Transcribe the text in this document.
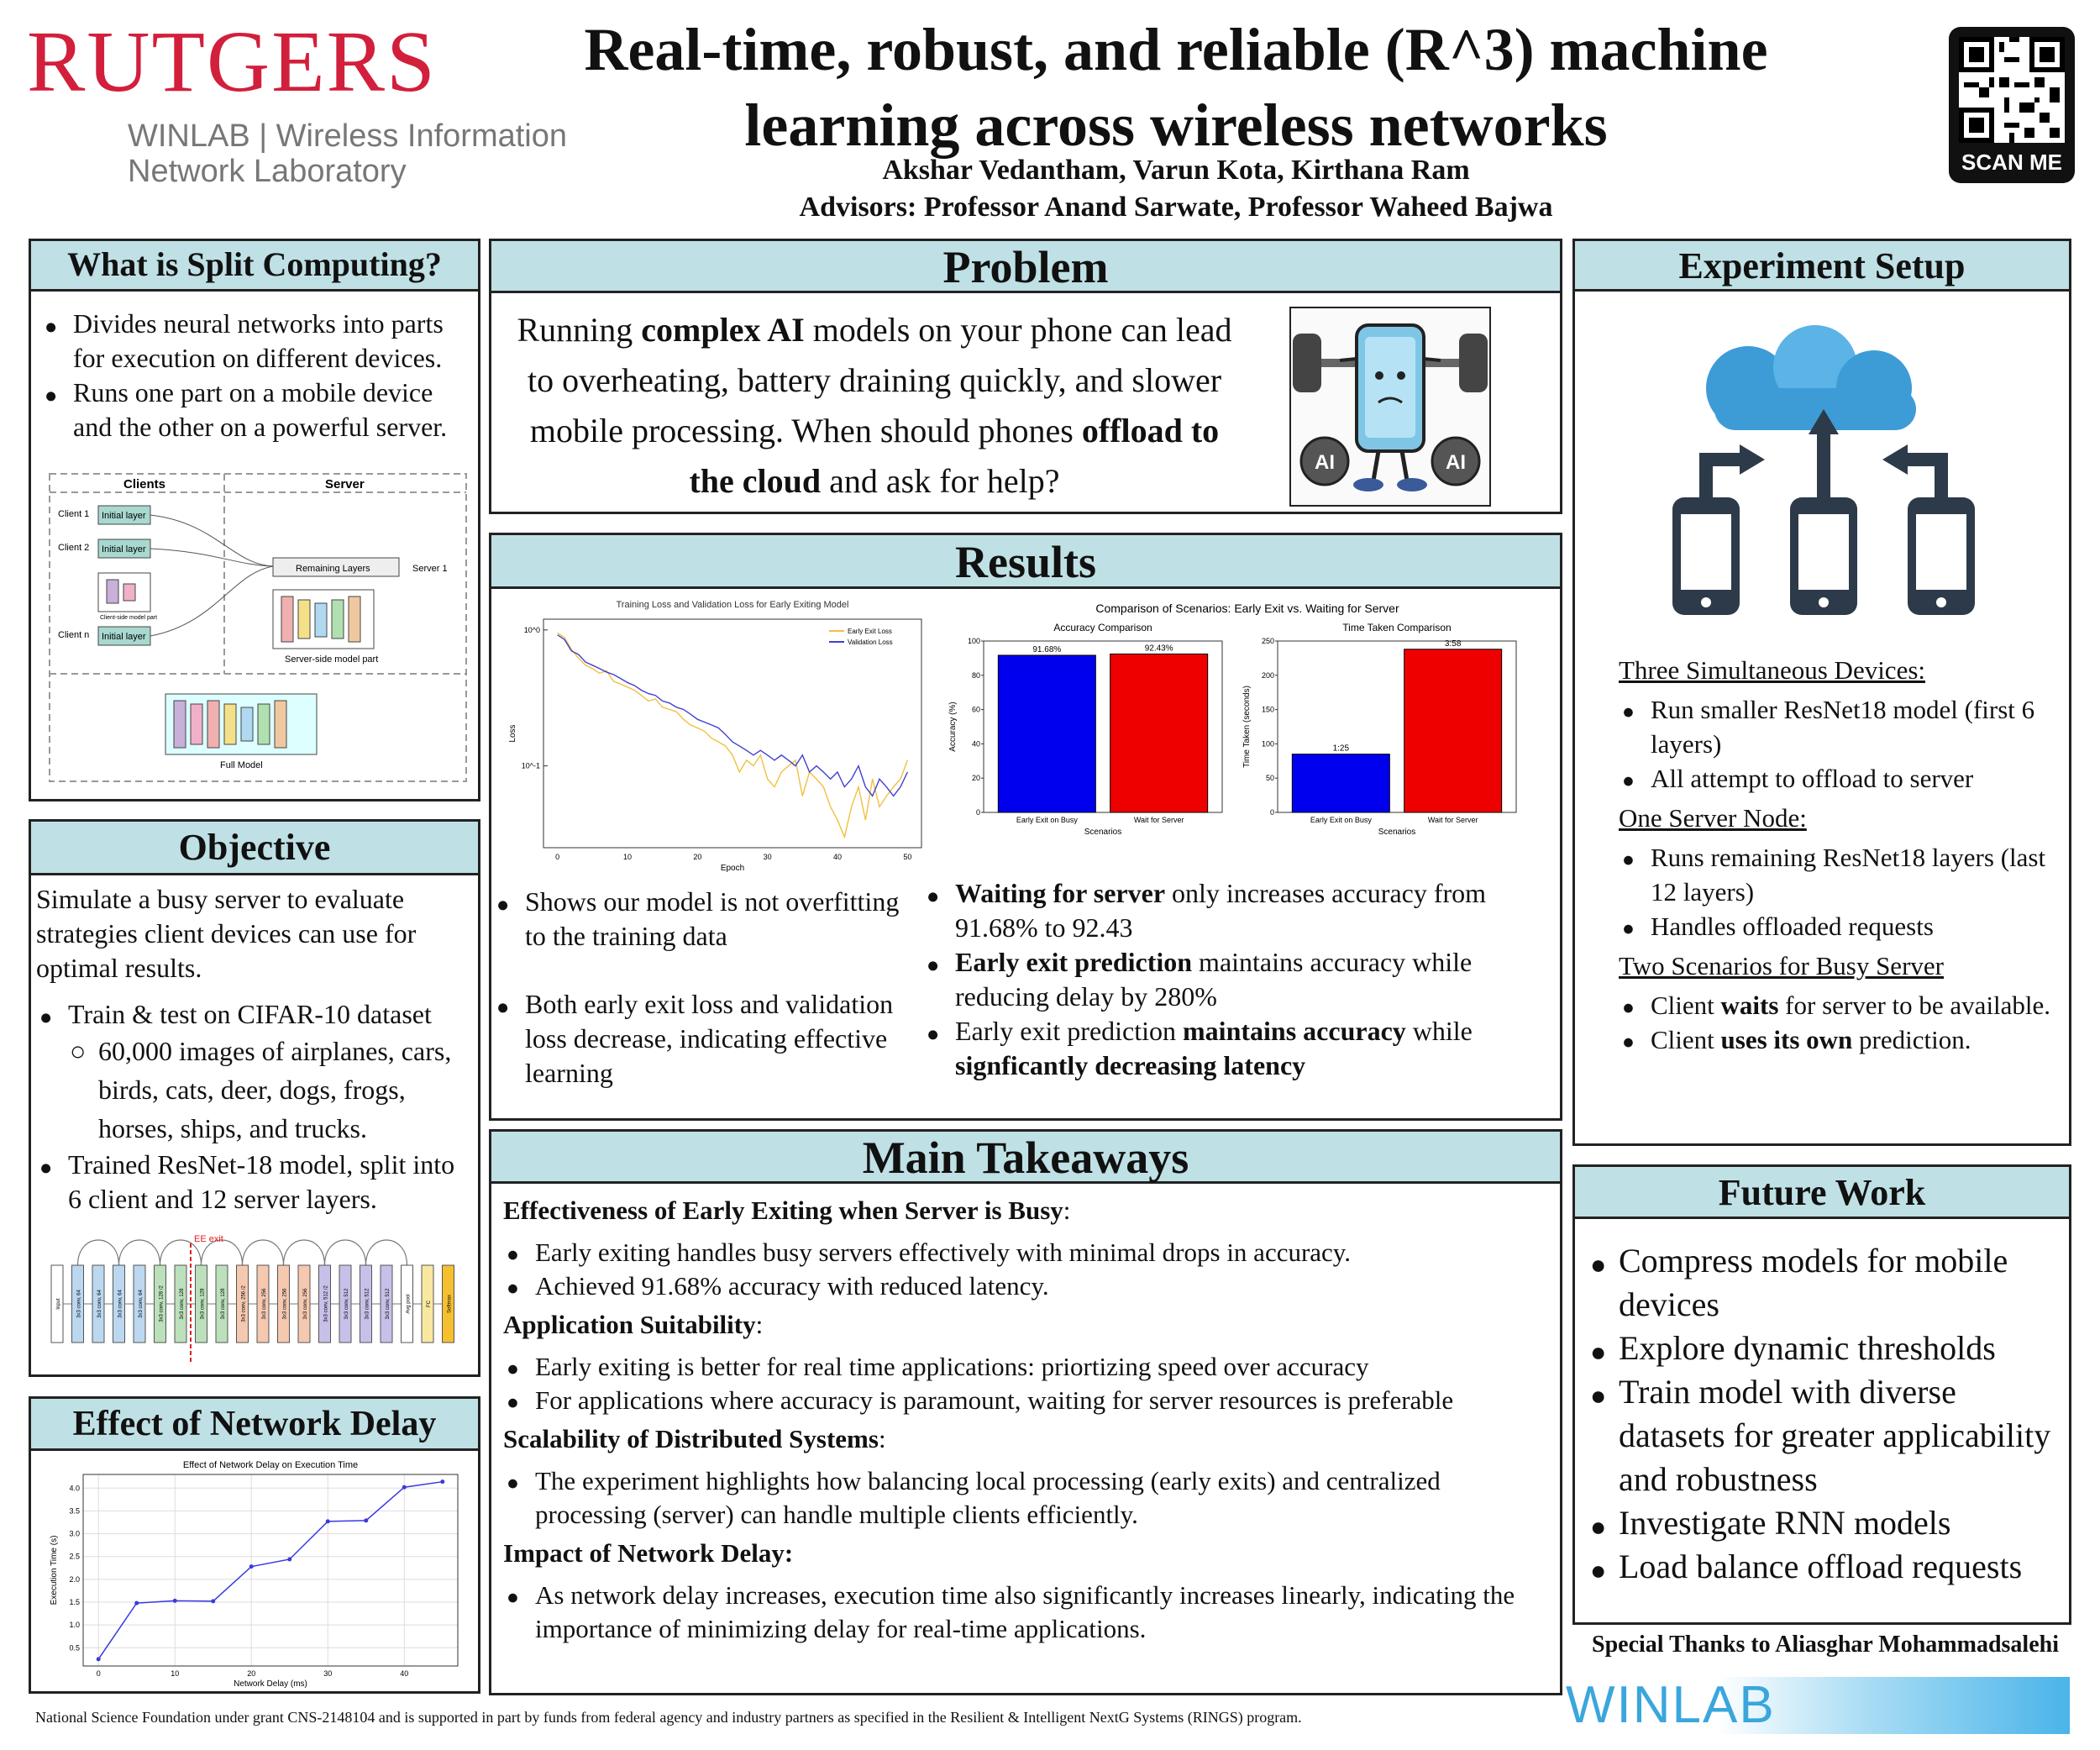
RUTGERS
WINLAB | Wireless Information
Network Laboratory
Real-time, robust, and reliable (R^3) machine
learning across wireless networks
Akshar Vedantham, Varun Kota, Kirthana Ram
Advisors: Professor Anand Sarwate, Professor Waheed Bajwa
SCAN ME
What is Split Computing?
● Divides neural networks into parts for execution on different devices.
● Runs one part on a mobile device and the other on a powerful server.
Clients	Server
Client 1 Initial layer
Client 2 Initial layer
Client-side model part
Client n Initial layer
Remaining Layers	Server 1
Server-side model part
Full Model
Objective
Simulate a busy server to evaluate strategies client devices can use for optimal results.
● Train & test on CIFAR-10 dataset
○ 60,000 images of airplanes, cars, birds, cats, deer, dogs, frogs, horses, ships, and trucks.
● Trained ResNet-18 model, split into 6 client and 12 server layers.
Input	3x3 conv, 64	3x3 conv, 64	3x3 conv, 64	3x3 conv, 64	3x3 conv, 128 /2	3x3 conv, 128	3x3 conv, 128	3x3 conv, 128	3x3 conv, 256 /2	3x3 conv, 256	3x3 conv, 256	3x3 conv, 256	3x3 conv, 512 /2	3x3 conv, 512	3x3 conv, 512	3x3 conv, 512	Avg pool	FC	Softmax
EE exit
Effect of Network Delay
Effect of Network Delay on Execution Time
0.5
1.0
1.5
2.0
2.5
3.0
3.5
4.0
0	10	20	30	40
Network Delay (ms)
Execution Time (s)
Problem
Running complex AI models on your phone can lead to overheating, battery draining quickly, and slower mobile processing. When should phones offload to the cloud and ask for help?	AI	AI
Results
Training Loss and Validation Loss for Early Exiting Model
10^0
10^-1
0	10	20	30	40	50
Epoch
Loss
Early Exit Loss
Validation Loss
Comparison of Scenarios: Early Exit vs. Waiting for Server
Accuracy Comparison
0
20
40
60
80
100
91.68%
Early Exit on Busy
92.43%
Wait for Server
Scenarios
Accuracy (%)
Time Taken Comparison
0
50
100
150
200
250
1:25
Early Exit on Busy
3:58
Wait for Server
Scenarios
Time Taken (seconds)
● Shows our model is not overfitting to the training data
● Both early exit loss and validation loss decrease, indicating effective learning
● Waiting for server only increases accuracy from 91.68% to 92.43
● Early exit prediction maintains accuracy while reducing delay by 280%
● Early exit prediction maintains accuracy while signficantly decreasing latency
Main Takeaways
Effectiveness of Early Exiting when Server is Busy:
● Early exiting handles busy servers effectively with minimal drops in accuracy.
● Achieved 91.68% accuracy with reduced latency.
Application Suitability:
● Early exiting is better for real time applications: priortizing speed over accuracy
● For applications where accuracy is paramount, waiting for server resources is preferable
Scalability of Distributed Systems:
● The experiment highlights how balancing local processing (early exits) and centralized processing (server) can handle multiple clients efficiently.
Impact of Network Delay:
● As network delay increases, execution time also significantly increases linearly, indicating the importance of minimizing delay for real-time applications.
Experiment Setup
Three Simultaneous Devices:
● Run smaller ResNet18 model (first 6 layers)
● All attempt to offload to server
One Server Node:
● Runs remaining ResNet18 layers (last 12 layers)
● Handles offloaded requests
Two Scenarios for Busy Server
● Client waits for server to be available.
● Client uses its own prediction.
Future Work
● Compress models for mobile devices
● Explore dynamic thresholds
● Train model with diverse datasets for greater applicability and robustness
● Investigate RNN models
● Load balance offload requests
Special Thanks to Aliasghar Mohammadsalehi
WINLAB
National Science Foundation under grant CNS-2148104 and is supported in part by funds from federal agency and industry partners as specified in the Resilient & Intelligent NextG Systems (RINGS) program.
